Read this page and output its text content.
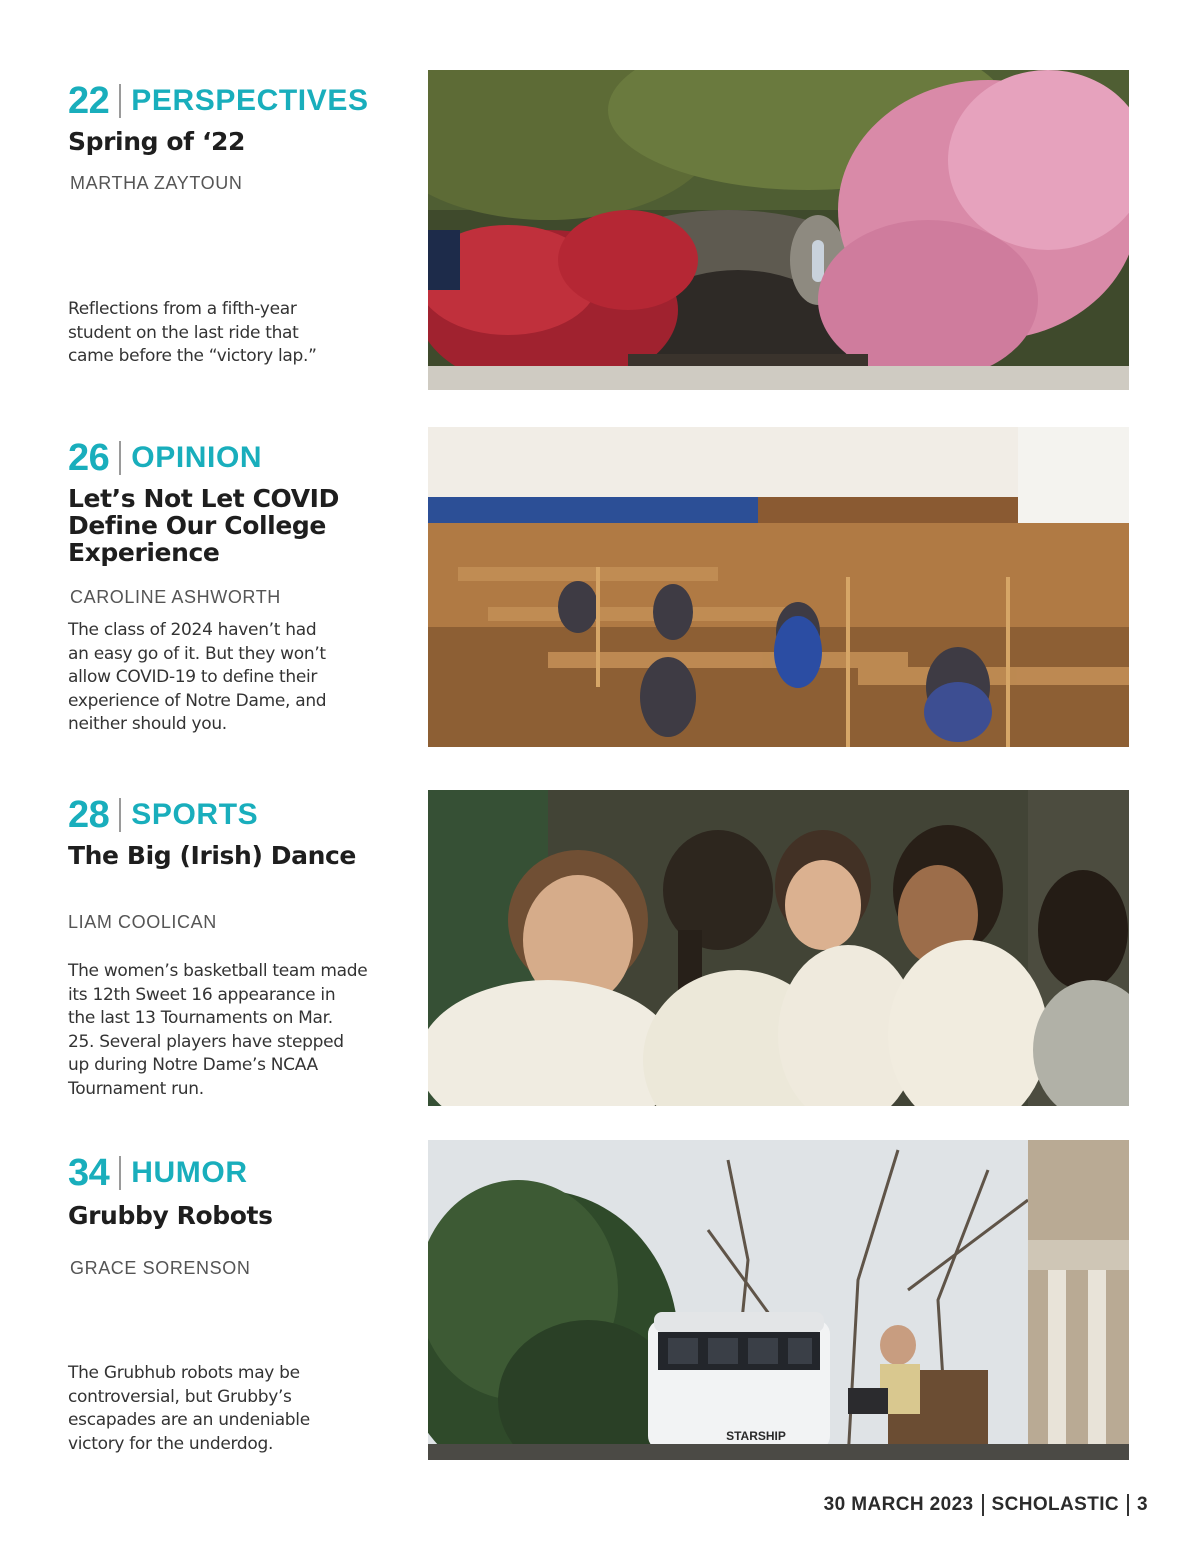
22 PERSPECTIVES

Spring of ‘22

MARTHA ZAYTOUN
Reflections from a fifth-year
student on the last ride that
came before the “victory lap.”
26 OPINION

Let’s Not Let COVID

Define Our College

Experience

CAROLINE ASHWORTH
The class of 2024 haven’t had
an easy go of it. But they won’t
allow COVID-19 to define their
experience of Notre Dame, and
neither should you.
28 SPORTS

The Big (Irish) Dance

LIAM COOLICAN
The women’s basketball team made
its 12th Sweet 16 appearance in
the last 13 Tournaments on Mar.
25. Several players have stepped
up during Notre Dame’s NCAA
Tournament run.
34 HUMOR

Grubby Robots

GRACE SORENSON
The Grubhub robots may be
controversial, but Grubby’s
escapades are an undeniable
victory for the underdog.	STARSHIP
30 MARCH 2023 SCHOLASTIC 3
